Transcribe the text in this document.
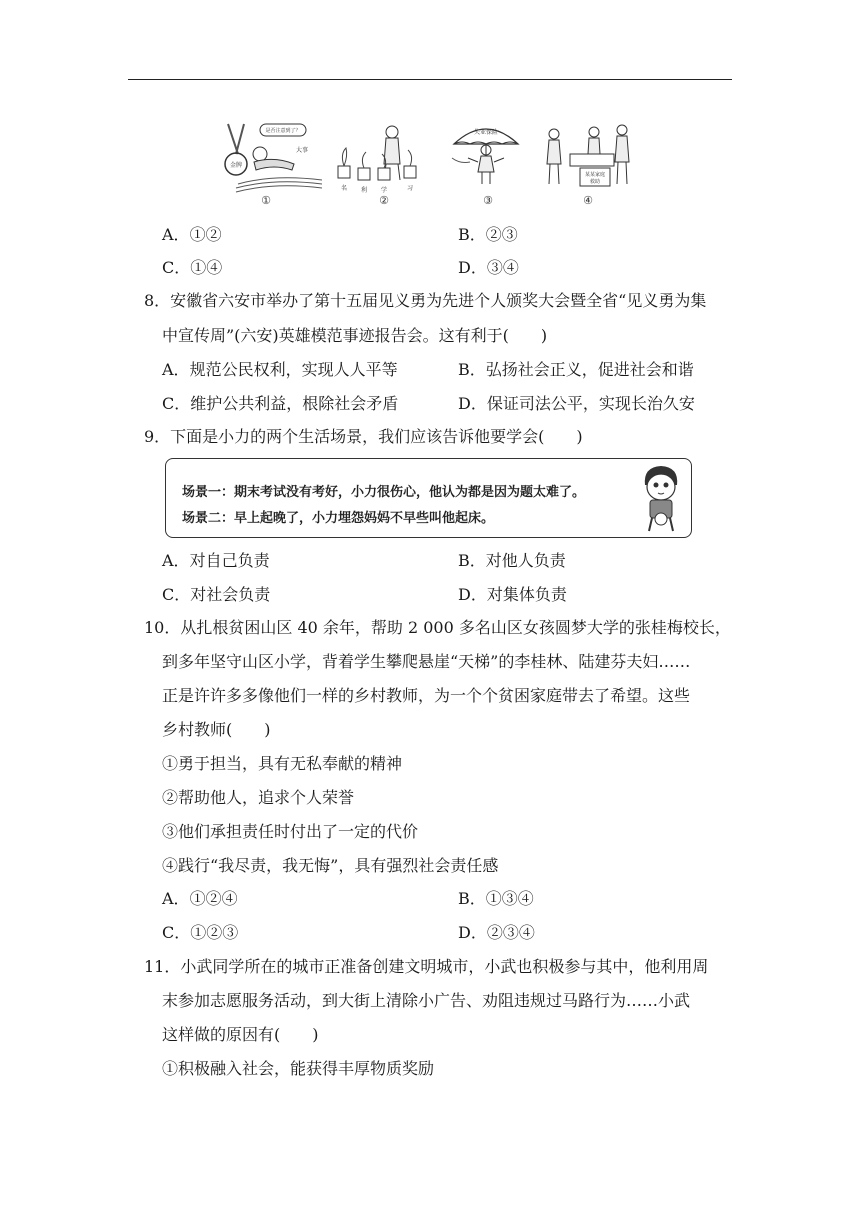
金牌
是否注意到了？
大事
①
名 利 学	习
②
失业保险
③
某某家庭
救助
④
A．①②	B．②③
C．①④	D．③④
8．安徽省六安市举办了第十五届见义勇为先进个人颁奖大会暨全省“见义勇为集
中宣传周”(六安)英雄模范事迹报告会。这有利于(　　)
A．规范公民权利，实现人人平等	B．弘扬社会正义，促进社会和谐
C．维护公共利益，根除社会矛盾	D．保证司法公平，实现长治久安
9．下面是小力的两个生活场景，我们应该告诉他要学会(　　)
场景一：期末考试没有考好，小力很伤心，他认为都是因为题太难了。
场景二：早上起晚了，小力埋怨妈妈不早些叫他起床。
A．对自己负责	B．对他人负责
C．对社会负责	D．对集体负责
10．从扎根贫困山区 40 余年，帮助 2 000 多名山区女孩圆梦大学的张桂梅校长，
到多年坚守山区小学，背着学生攀爬悬崖“天梯”的李桂林、陆建芬夫妇……
正是许许多多像他们一样的乡村教师，为一个个贫困家庭带去了希望。这些
乡村教师(　　)
①勇于担当，具有无私奉献的精神
②帮助他人，追求个人荣誉
③他们承担责任时付出了一定的代价
④践行“我尽责，我无悔”，具有强烈社会责任感
A．①②④	B．①③④
C．①②③	D．②③④
11．小武同学所在的城市正准备创建文明城市，小武也积极参与其中，他利用周
末参加志愿服务活动，到大街上清除小广告、劝阻违规过马路行为……小武
这样做的原因有(　　)
①积极融入社会，能获得丰厚物质奖励
